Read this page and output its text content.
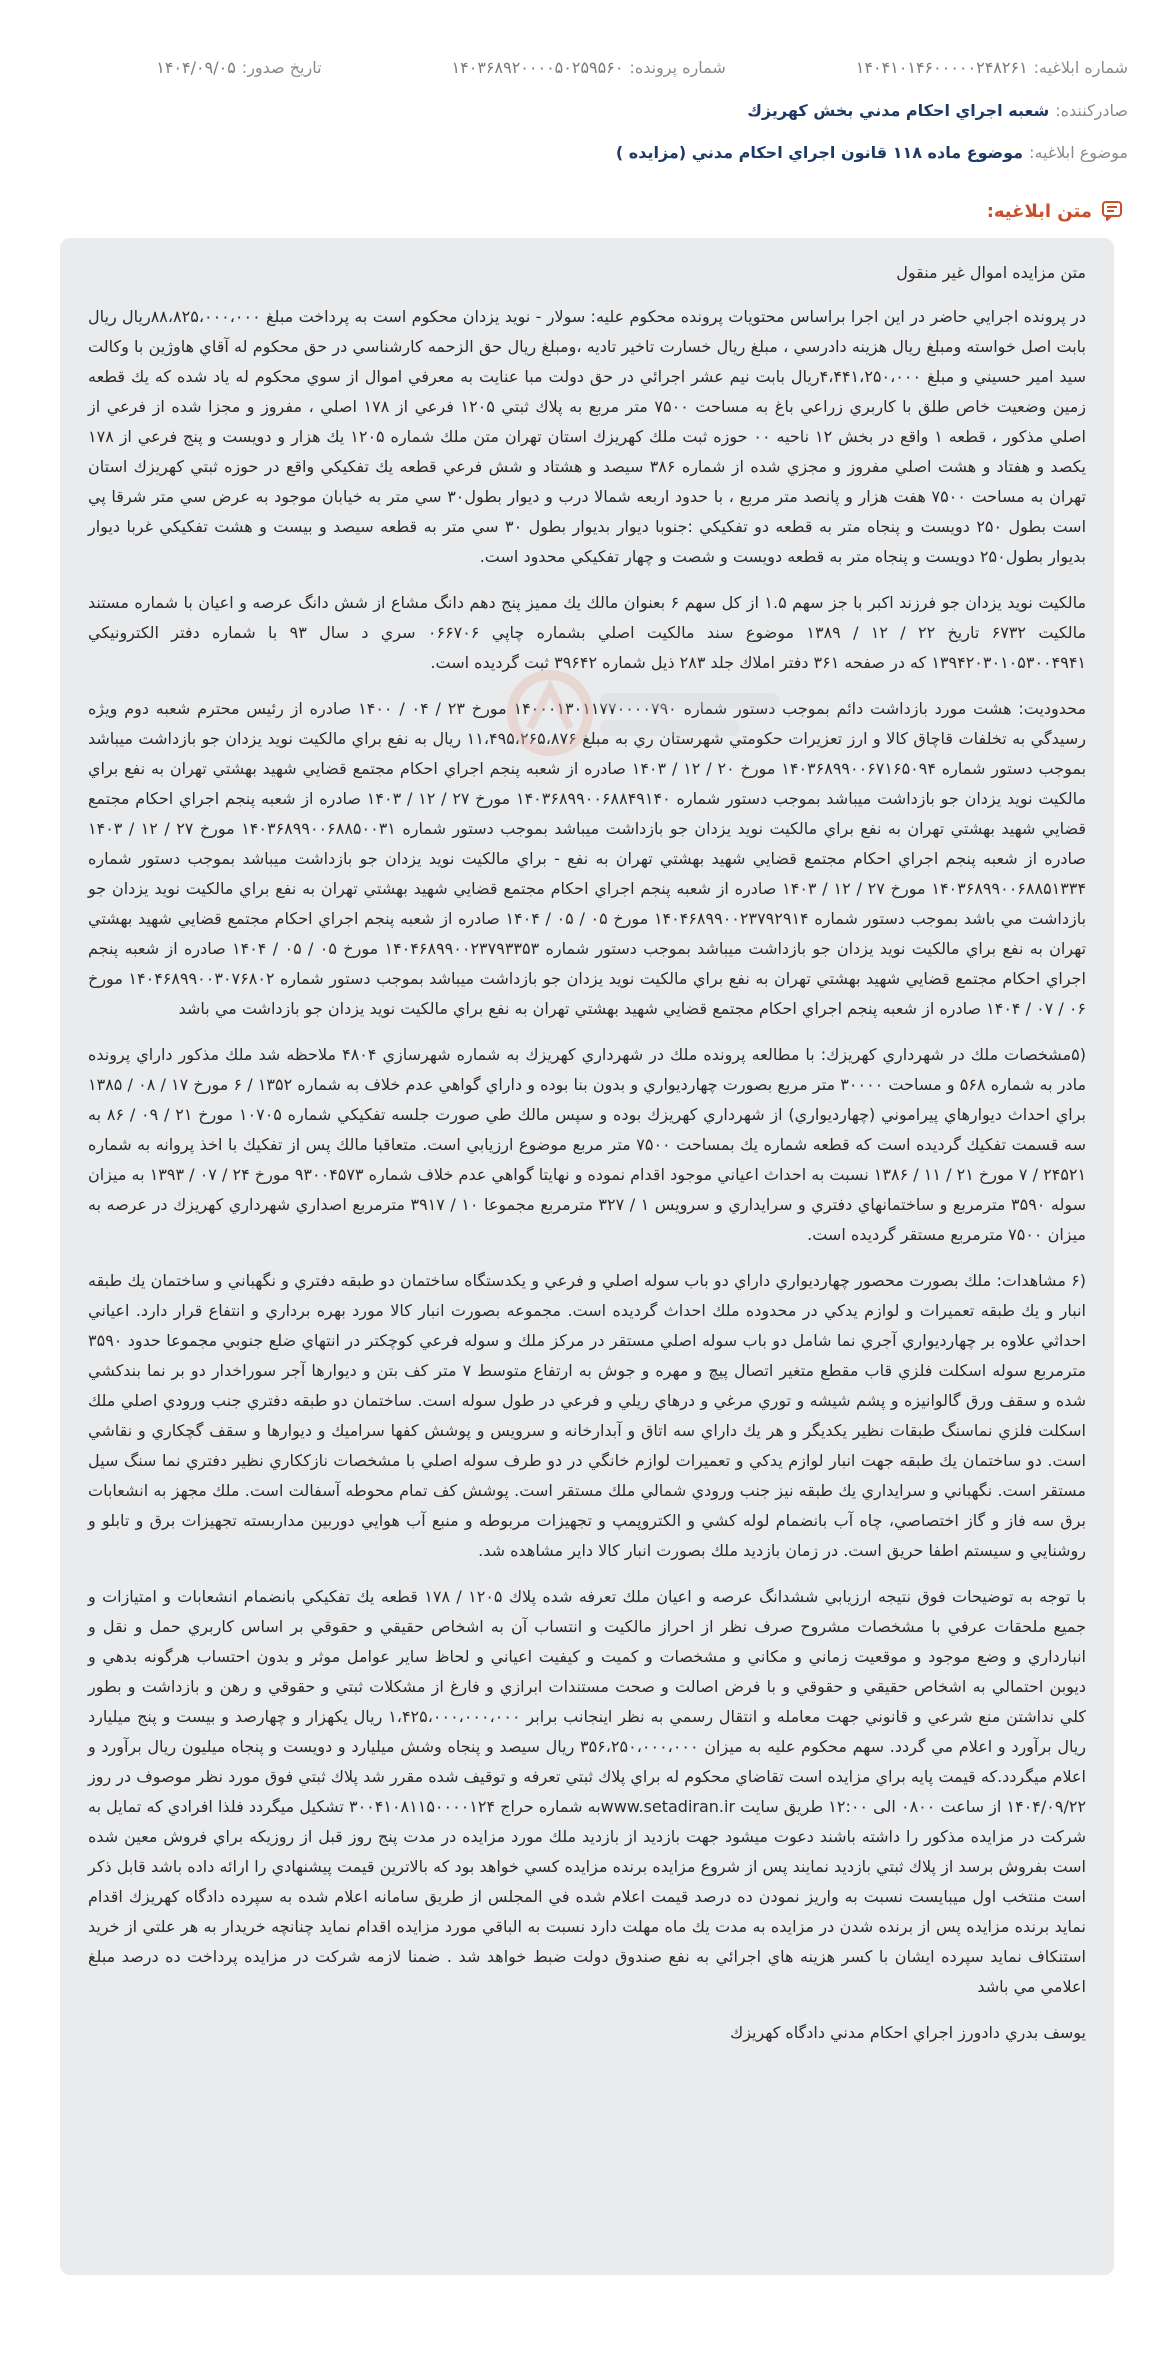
شماره ابلاغيه:
۱۴۰۴۱۰۱۴۶۰۰۰۰۰۲۴۸۲۶۱
شماره پرونده:
۱۴۰۳۶۸۹۲۰۰۰۰۵۰۲۵۹۵۶۰
تاريخ صدور:
۱۴۰۴/۰۹/۰۵
صادرکننده:
شعبه اجراي احكام مدني بخش كهريزك
موضوع ابلاغيه:
موضوع ماده ۱۱۸ قانون اجراي احكام مدني (مزايده )
متن ابلاغيه:

متن مزايده اموال غير منقول

در پرونده اجرايي حاضر در اين اجرا براساس محتويات پرونده محكوم عليه: سولار - نويد يزدان محكوم است به پرداخت مبلغ ۸۸،۸۲۵،۰۰۰،۰۰۰ريال ريال بابت اصل خواسته ومبلغ ريال هزينه دادرسي ، مبلغ ريال خسارت تاخير تاديه ،ومبلغ ريال حق الزحمه كارشناسي در حق محكوم له آقاي هاوژين با وكالت سيد امير حسيني و مبلغ ۴،۴۴۱،۲۵۰،۰۰۰ريال بابت نيم عشر اجرائي در حق دولت مبا عنايت به معرفي اموال از سوي محكوم له ياد شده كه يك قطعه زمين وضعيت خاص طلق با كاربري زراعي باغ به مساحت ۷۵۰۰ متر مربع به پلاك ثبتي ۱۲۰۵ فرعي از ۱۷۸ اصلي ، مفروز و مجزا شده از فرعي از اصلي مذكور ، قطعه ۱ واقع در بخش ۱۲ ناحيه ۰۰ حوزه ثبت ملك كهريزك استان تهران متن ملك شماره ۱۲۰۵ يك هزار و دويست و پنج فرعي از ۱۷۸ يكصد و هفتاد و هشت اصلي مفروز و مجزي شده از شماره ۳۸۶ سيصد و هشتاد و شش فرعي قطعه يك تفكيكي واقع در حوزه ثبتي كهريزك استان تهران به مساحت ۷۵۰۰ هفت هزار و پانصد متر مربع ، با حدود اربعه شمالا درب و ديوار بطول۳۰ سي متر به خيابان موجود به عرض سي متر شرقا پي است بطول ۲۵۰ دويست و پنجاه متر به قطعه دو تفكيكي :جنوبا ديوار بديوار بطول ۳۰ سي متر به قطعه سيصد و بيست و هشت تفكيكي غربا ديوار بديوار بطول۲۵۰ دويست و پنجاه متر به قطعه دويست و شصت و چهار تفكيكي محدود است.

مالكيت نويد يزدان جو فرزند اكبر با جز سهم ۱.۵ از كل سهم ۶ بعنوان مالك يك مميز پنج دهم دانگ مشاع از شش دانگ عرصه و اعيان با شماره مستند مالكيت ۶۷۳۲ تاريخ ۲۲ / ۱۲ / ۱۳۸۹ موضوع سند مالكيت اصلي بشماره چاپي ۰۶۶۷۰۶ سري د سال ۹۳ با شماره دفتر الكترونيكي ۱۳۹۴۲۰۳۰۱۰۵۳۰۰۴۹۴۱ كه در صفحه ۳۶۱ دفتر املاك جلد ۲۸۳ ذيل شماره ۳۹۶۴۲ ثبت گرديده است.

محدوديت: هشت مورد بازداشت دائم بموجب دستور شماره ۱۴۰۰۰۱۳۰۱۱۷۷۰۰۰۰۷۹۰ مورخ ۲۳ / ۰۴ / ۱۴۰۰ صادره از رئيس محترم شعبه دوم ويژه رسيدگي به تخلفات قاچاق كالا و ارز تعزيرات حكومتي شهرستان ري به مبلغ ۱۱،۴۹۵،۲۶۵،۸۷۶ ريال به نفع براي مالكيت نويد يزدان جو بازداشت ميباشد بموجب دستور شماره ۱۴۰۳۶۸۹۹۰۰۶۷۱۶۵۰۹۴ مورخ ۲۰ / ۱۲ / ۱۴۰۳ صادره از شعبه پنجم اجراي احكام مجتمع قضايي شهيد بهشتي تهران به نفع براي مالكيت نويد يزدان جو بازداشت ميباشد بموجب دستور شماره ۱۴۰۳۶۸۹۹۰۰۶۸۸۴۹۱۴۰ مورخ ۲۷ / ۱۲ / ۱۴۰۳ صادره از شعبه پنجم اجراي احكام مجتمع قضايي شهيد بهشتي تهران به نفع براي مالكيت نويد يزدان جو بازداشت ميباشد بموجب دستور شماره ۱۴۰۳۶۸۹۹۰۰۶۸۸۵۰۰۳۱ مورخ ۲۷ / ۱۲ / ۱۴۰۳ صادره از شعبه پنجم اجراي احكام مجتمع قضايي شهيد بهشتي تهران به نفع - براي مالكيت نويد يزدان جو بازداشت ميباشد بموجب دستور شماره ۱۴۰۳۶۸۹۹۰۰۶۸۸۵۱۳۳۴ مورخ ۲۷ / ۱۲ / ۱۴۰۳ صادره از شعبه پنجم اجراي احكام مجتمع قضايي شهيد بهشتي تهران به نفع براي مالكيت نويد يزدان جو بازداشت مي باشد بموجب دستور شماره ۱۴۰۴۶۸۹۹۰۰۲۳۷۹۲۹۱۴ مورخ ۰۵ / ۰۵ / ۱۴۰۴ صادره از شعبه پنجم اجراي احكام مجتمع قضايي شهيد بهشتي تهران به نفع براي مالكيت نويد يزدان جو بازداشت ميباشد بموجب دستور شماره ۱۴۰۴۶۸۹۹۰۰۲۳۷۹۳۳۵۳ مورخ ۰۵ / ۰۵ / ۱۴۰۴ صادره از شعبه پنجم اجراي احكام مجتمع قضايي شهيد بهشتي تهران به نفع براي مالكيت نويد يزدان جو بازداشت ميباشد بموجب دستور شماره ۱۴۰۴۶۸۹۹۰۰۳۰۷۶۸۰۲ مورخ ۰۶ / ۰۷ / ۱۴۰۴ صادره از شعبه پنجم اجراي احكام مجتمع قضايي شهيد بهشتي تهران به نفع براي مالكيت نويد يزدان جو بازداشت مي باشد

(۵مشخصات ملك در شهرداري كهريزك: با مطالعه پرونده ملك در شهرداري كهريزك به شماره شهرسازي ۴۸۰۴ ملاحظه شد ملك مذكور داراي پرونده مادر به شماره ۵۶۸ و مساحت ۳۰۰۰۰ متر مربع بصورت چهارديواري و بدون بنا بوده و داراي گواهي عدم خلاف به شماره ۱۳۵۲ / ۶ مورخ ۱۷ / ۰۸ / ۱۳۸۵ براي احداث ديوارهاي پيراموني (چهارديواري) از شهرداري كهريزك بوده و سپس مالك طي صورت جلسه تفكيكي شماره ۱۰۷۰۵ مورخ ۲۱ / ۰۹ / ۸۶ به سه قسمت تفكيك گرديده است كه قطعه شماره يك بمساحت ۷۵۰۰ متر مربع موضوع ارزيابي است. متعاقبا مالك پس از تفكيك با اخذ پروانه به شماره ۲۴۵۲۱ / ۷ مورخ ۲۱ / ۱۱ / ۱۳۸۶ نسبت به احداث اعياني موجود اقدام نموده و نهايتا گواهي عدم خلاف شماره ۹۳۰۰۴۵۷۳ مورخ ۲۴ / ۰۷ / ۱۳۹۳ به ميزان سوله ۳۵۹۰ مترمربع و ساختمانهاي دفتري و سرايداري و سرويس ۱ / ۳۲۷ مترمربع مجموعا ۱۰ / ۳۹۱۷ مترمربع اصداري شهرداري كهريزك در عرصه به ميزان ۷۵۰۰ مترمربع مستقر گرديده است.

(۶ مشاهدات: ملك بصورت محصور چهارديواري داراي دو باب سوله اصلي و فرعي و يكدستگاه ساختمان دو طبقه دفتري و نگهباني و ساختمان يك طبقه انبار و يك طبقه تعميرات و لوازم يدكي در محدوده ملك احداث گرديده است. مجموعه بصورت انبار كالا مورد بهره برداري و انتفاع قرار دارد. اعياني احداثي علاوه بر چهارديواري آجري نما شامل دو باب سوله اصلي مستقر در مركز ملك و سوله فرعي كوچكتر در انتهاي ضلع جنوبي مجموعا حدود ۳۵۹۰ مترمربع سوله اسكلت فلزي قاب مقطع متغير اتصال پيچ و مهره و جوش به ارتفاع متوسط ۷ متر كف بتن و ديوارها آجر سوراخدار دو بر نما بندكشي شده و سقف ورق گالوانيزه و پشم شيشه و توري مرغي و درهاي ريلي و فرعي در طول سوله است. ساختمان دو طبقه دفتري جنب ورودي اصلي ملك اسكلت فلزي نماسنگ طبقات نظير يكديگر و هر يك داراي سه اتاق و آبدارخانه و سرويس و پوشش كفها سراميك و ديوارها و سقف گچكاري و نقاشي است. دو ساختمان يك طبقه جهت انبار لوازم يدكي و تعميرات لوازم خانگي در دو طرف سوله اصلي با مشخصات نازككاري نظير دفتري نما سنگ سيل مستقر است. نگهباني و سرايداري يك طبقه نيز جنب ورودي شمالي ملك مستقر است. پوشش كف تمام محوطه آسفالت است. ملك مجهز به انشعابات برق سه فاز و گاز اختصاصي، چاه آب بانضمام لوله كشي و الكتروپمپ و تجهيزات مربوطه و منبع آب هوايي دوربين مداربسته تجهيزات برق و تابلو و روشنايي و سيستم اطفا حريق است. در زمان بازديد ملك بصورت انبار كالا داير مشاهده شد.

با توجه به توضيحات فوق نتيجه ارزيابي ششدانگ عرصه و اعيان ملك تعرفه شده پلاك ۱۲۰۵ / ۱۷۸ قطعه يك تفكيكي بانضمام انشعابات و امتيازات و جميع ملحقات عرفي با مشخصات مشروح صرف نظر از احراز مالكيت و انتساب آن به اشخاص حقيقي و حقوقي بر اساس كاربري حمل و نقل و انبارداري و وضع موجود و موقعيت زماني و مكاني و مشخصات و كميت و كيفيت اعياني و لحاظ ساير عوامل موثر و بدون احتساب هرگونه بدهي و ديوبن احتمالي به اشخاص حقيقي و حقوقي و با فرض اصالت و صحت مستندات ابرازي و فارغ از مشكلات ثبتي و حقوقي و رهن و بازداشت و بطور كلي نداشتن منع شرعي و قانوني جهت معامله و انتقال رسمي به نظر اينجانب برابر ۱،۴۲۵،۰۰۰،۰۰۰،۰۰۰ ريال يكهزار و چهارصد و بيست و پنج ميليارد ريال برآورد و اعلام مي گردد. سهم محكوم عليه به ميزان ۳۵۶،۲۵۰،۰۰۰،۰۰۰ ريال سيصد و پنجاه وشش ميليارد و دويست و پنجاه ميليون ريال برآورد و اعلام ميگردد.كه قيمت پايه براي مزايده است تقاضاي محكوم له براي پلاك ثبتي تعرفه و توقيف شده مقرر شد پلاك ثبتي فوق مورد نظر موصوف در روز ۱۴۰۴/۰۹/۲۲ از ساعت ۰۸۰۰ الی ۱۲:۰۰ طريق سايت www.setadiran.irبه شماره حراج ۳۰۰۴۱۰۸۱۱۵۰۰۰۰۱۲۴ تشكيل ميگردد فلذا افرادي كه تمايل به شركت در مزايده مذكور را داشته باشند دعوت ميشود جهت بازديد از بازديد ملك مورد مزايده در مدت پنج روز قبل از روزيكه براي فروش معين شده است بفروش برسد از پلاك ثبتي بازديد نمايند پس از شروع مزايده برنده مزايده كسي خواهد بود كه بالاترين قيمت پيشنهادي را ارائه داده باشد قابل ذكر است منتخب اول ميبايست نسبت به واريز نمودن ده درصد قيمت اعلام شده في المجلس از طريق سامانه اعلام شده به سپرده دادگاه كهريزك اقدام نمايد برنده مزايده پس از برنده شدن در مزايده به مدت يك ماه مهلت دارد نسبت به الباقي مورد مزايده اقدام نمايد چنانچه خريدار به هر علتي از خريد استنكاف نمايد سپرده ايشان با كسر هزينه هاي اجرائي به نفع صندوق دولت ضبط خواهد شد . ضمنا لازمه شركت در مزايده پرداخت ده درصد مبلغ اعلامي مي باشد

يوسف بدري دادورز اجراي احكام مدني دادگاه كهريزك
